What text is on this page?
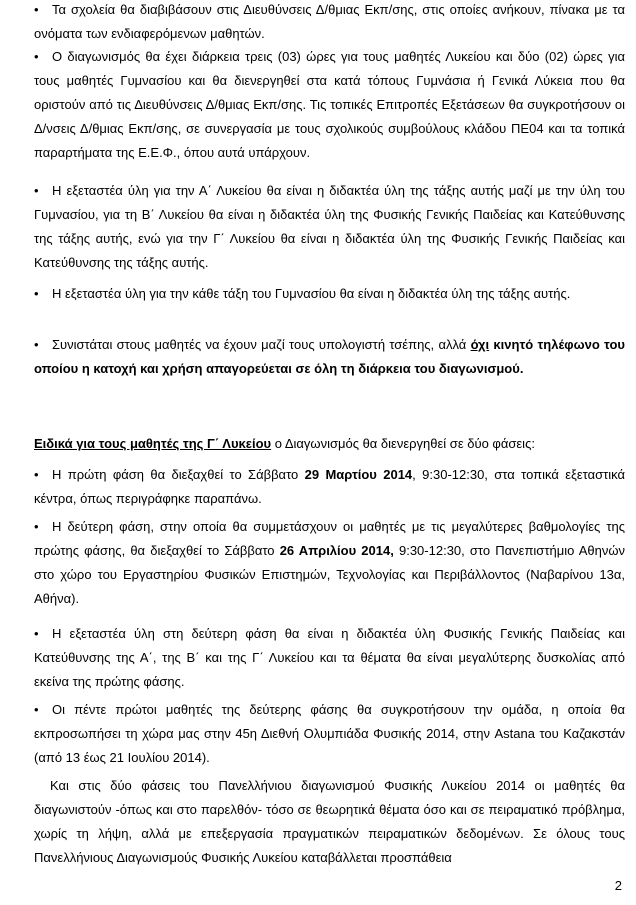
• Τα σχολεία θα διαβιβάσουν στις Διευθύνσεις Δ/θμιας Εκπ/σης, στις οποίες ανήκουν, πίνακα με τα ονόματα των ενδιαφερόμενων μαθητών.
• Ο διαγωνισμός θα έχει διάρκεια τρεις (03) ώρες για τους μαθητές Λυκείου και δύο (02) ώρες για τους μαθητές Γυμνασίου και θα διενεργηθεί στα κατά τόπους Γυμνάσια ή Γενικά Λύκεια που θα οριστούν από τις Διευθύνσεις Δ/θμιας Εκπ/σης. Τις τοπικές Επιτροπές Εξετάσεων θα συγκροτήσουν οι Δ/νσεις Δ/θμιας Εκπ/σης, σε συνεργασία με τους σχολικούς συμβούλους κλάδου ΠΕ04 και τα τοπικά παραρτήματα της Ε.Ε.Φ., όπου αυτά υπάρχουν.
• Η εξεταστέα ύλη για την Α΄ Λυκείου θα είναι η διδακτέα ύλη της τάξης αυτής μαζί με την ύλη του Γυμνασίου, για τη Β΄ Λυκείου θα είναι η διδακτέα ύλη της Φυσικής Γενικής Παιδείας και Κατεύθυνσης της τάξης αυτής, ενώ για την Γ΄ Λυκείου θα είναι η διδακτέα ύλη της Φυσικής Γενικής Παιδείας και Κατεύθυνσης της τάξης αυτής.
• Η εξεταστέα ύλη για την κάθε τάξη του Γυμνασίου θα είναι η διδακτέα ύλη της τάξης αυτής.
• Συνιστάται στους μαθητές να έχουν μαζί τους υπολογιστή τσέπης, αλλά όχι κινητό τηλέφωνο του οποίου η κατοχή και χρήση απαγορεύεται σε όλη τη διάρκεια του διαγωνισμού.
Ειδικά για τους μαθητές της Γ΄ Λυκείου ο Διαγωνισμός θα διενεργηθεί σε δύο φάσεις:
• Η πρώτη φάση θα διεξαχθεί το Σάββατο 29 Μαρτίου 2014, 9:30-12:30, στα τοπικά εξεταστικά κέντρα, όπως περιγράφηκε παραπάνω.
• Η δεύτερη φάση, στην οποία θα συμμετάσχουν οι μαθητές με τις μεγαλύτερες βαθμολογίες της πρώτης φάσης, θα διεξαχθεί το Σάββατο 26 Απριλίου 2014, 9:30-12:30, στο Πανεπιστήμιο Αθηνών στο χώρο του Εργαστηρίου Φυσικών Επιστημών, Τεχνολογίας και Περιβάλλοντος (Ναβαρίνου 13α, Αθήνα).
• Η εξεταστέα ύλη στη δεύτερη φάση θα είναι η διδακτέα ύλη Φυσικής Γενικής Παιδείας και Κατεύθυνσης της Α΄, της Β΄ και της Γ΄ Λυκείου και τα θέματα θα είναι μεγαλύτερης δυσκολίας από εκείνα της πρώτης φάσης.
• Οι πέντε πρώτοι μαθητές της δεύτερης φάσης θα συγκροτήσουν την ομάδα, η οποία θα εκπροσωπήσει τη χώρα μας στην 45η Διεθνή Ολυμπιάδα Φυσικής 2014, στην Astana του Καζακστάν (από 13 έως 21 Ιουλίου 2014).
Και στις δύο φάσεις του Πανελλήνιου διαγωνισμού Φυσικής Λυκείου 2014 οι μαθητές θα διαγωνιστούν -όπως και στο παρελθόν- τόσο σε θεωρητικά θέματα όσο και σε πειραματικό πρόβλημα, χωρίς τη λήψη, αλλά με επεξεργασία πραγματικών πειραματικών δεδομένων. Σε όλους τους Πανελλήνιους Διαγωνισμούς Φυσικής Λυκείου καταβάλλεται προσπάθεια
2
